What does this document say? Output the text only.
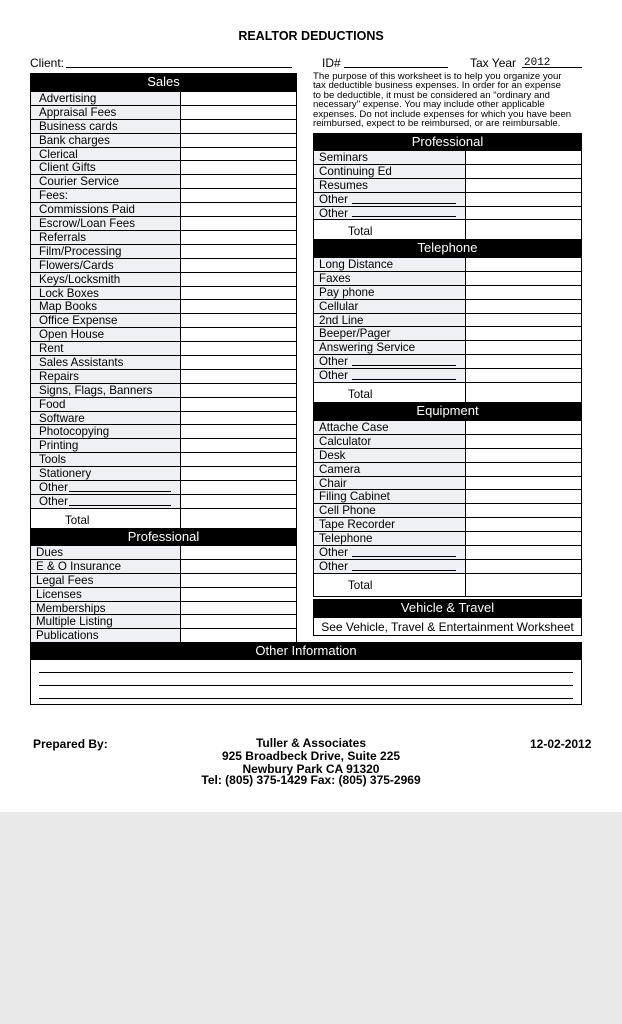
REALTOR DEDUCTIONS
Client:	ID#	Tax Year 2012
The purpose of this worksheet is to help you organize your
tax deductible business expenses. In order for an expense
to be deductible, it must be considered an "ordinary and
necessary" expense. You may include other applicable
expenses. Do not include expenses for which you have been
reimbursed, expect to be reimbursed, or are reimbursable.
Sales
Advertising
Appraisal Fees
Business cards
Bank charges
Clerical
Client Gifts
Courier Service
Fees:
Commissions Paid
Escrow/Loan Fees
Referrals
Film/Processing
Flowers/Cards
Keys/Locksmith
Lock Boxes
Map Books
Office Expense
Open House
Rent
Sales Assistants
Repairs
Signs, Flags, Banners
Food
Software
Photocopying
Printing
Tools
Stationery
Other
Other
Total
Professional
Dues
E & O Insurance
Legal Fees
Licenses
Memberships
Multiple Listing
Publications
Professional
Seminars
Continuing Ed
Resumes
Other
Other
Total
Telephone
Long Distance
Faxes
Pay phone
Cellular
2nd Line
Beeper/Pager
Answering Service
Other
Other
Total
Equipment
Attache Case
Calculator
Desk
Camera
Chair
Filing Cabinet
Cell Phone
Tape Recorder
Telephone
Other
Other
Total
Vehicle & Travel
See Vehicle, Travel & Entertainment Worksheet
Other Information
Prepared By:	Tuller & Associates
925 Broadbeck Drive, Suite 225
Newbury Park CA 91320
Tel: (805) 375-1429 Fax: (805) 375-2969
12-02-2012
